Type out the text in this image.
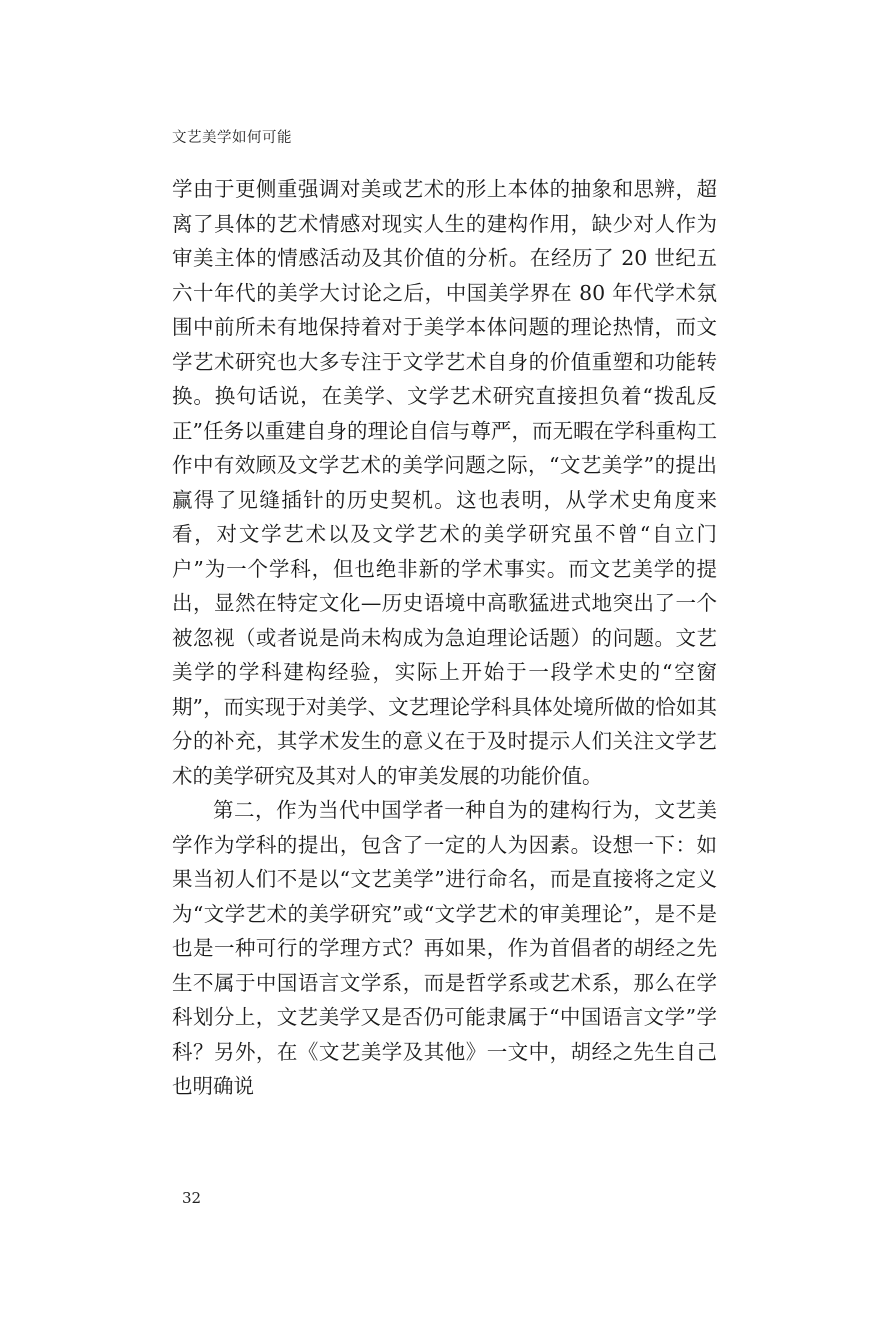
文艺美学如何可能

学由于更侧重强调对美或艺术的形上本体的抽象和思辨，超离了具体的艺术情感对现实人生的建构作用，缺少对人作为审美主体的情感活动及其价值的分析。在经历了 20 世纪五六十年代的美学大讨论之后，中国美学界在 80 年代学术氛围中前所未有地保持着对于美学本体问题的理论热情，而文学艺术研究也大多专注于文学艺术自身的价值重塑和功能转换。换句话说，在美学、文学艺术研究直接担负着“拨乱反正”任务以重建自身的理论自信与尊严，而无暇在学科重构工作中有效顾及文学艺术的美学问题之际，“文艺美学”的提出赢得了见缝插针的历史契机。这也表明，从学术史角度来看，对文学艺术以及文学艺术的美学研究虽不曾“自立门户”为一个学科，但也绝非新的学术事实。而文艺美学的提出，显然在特定文化—历史语境中高歌猛进式地突出了一个被忽视（或者说是尚未构成为急迫理论话题）的问题。文艺美学的学科建构经验，实际上开始于一段学术史的“空窗期”，而实现于对美学、文艺理论学科具体处境所做的恰如其分的补充，其学术发生的意义在于及时提示人们关注文学艺术的美学研究及其对人的审美发展的功能价值。

第二，作为当代中国学者一种自为的建构行为，文艺美学作为学科的提出，包含了一定的人为因素。设想一下：如果当初人们不是以“文艺美学”进行命名，而是直接将之定义为“文学艺术的美学研究”或“文学艺术的审美理论”，是不是也是一种可行的学理方式？再如果，作为首倡者的胡经之先生不属于中国语言文学系，而是哲学系或艺术系，那么在学科划分上，文艺美学又是否仍可能隶属于“中国语言文学”学科？另外，在《文艺美学及其他》一文中，胡经之先生自己也明确说

32
